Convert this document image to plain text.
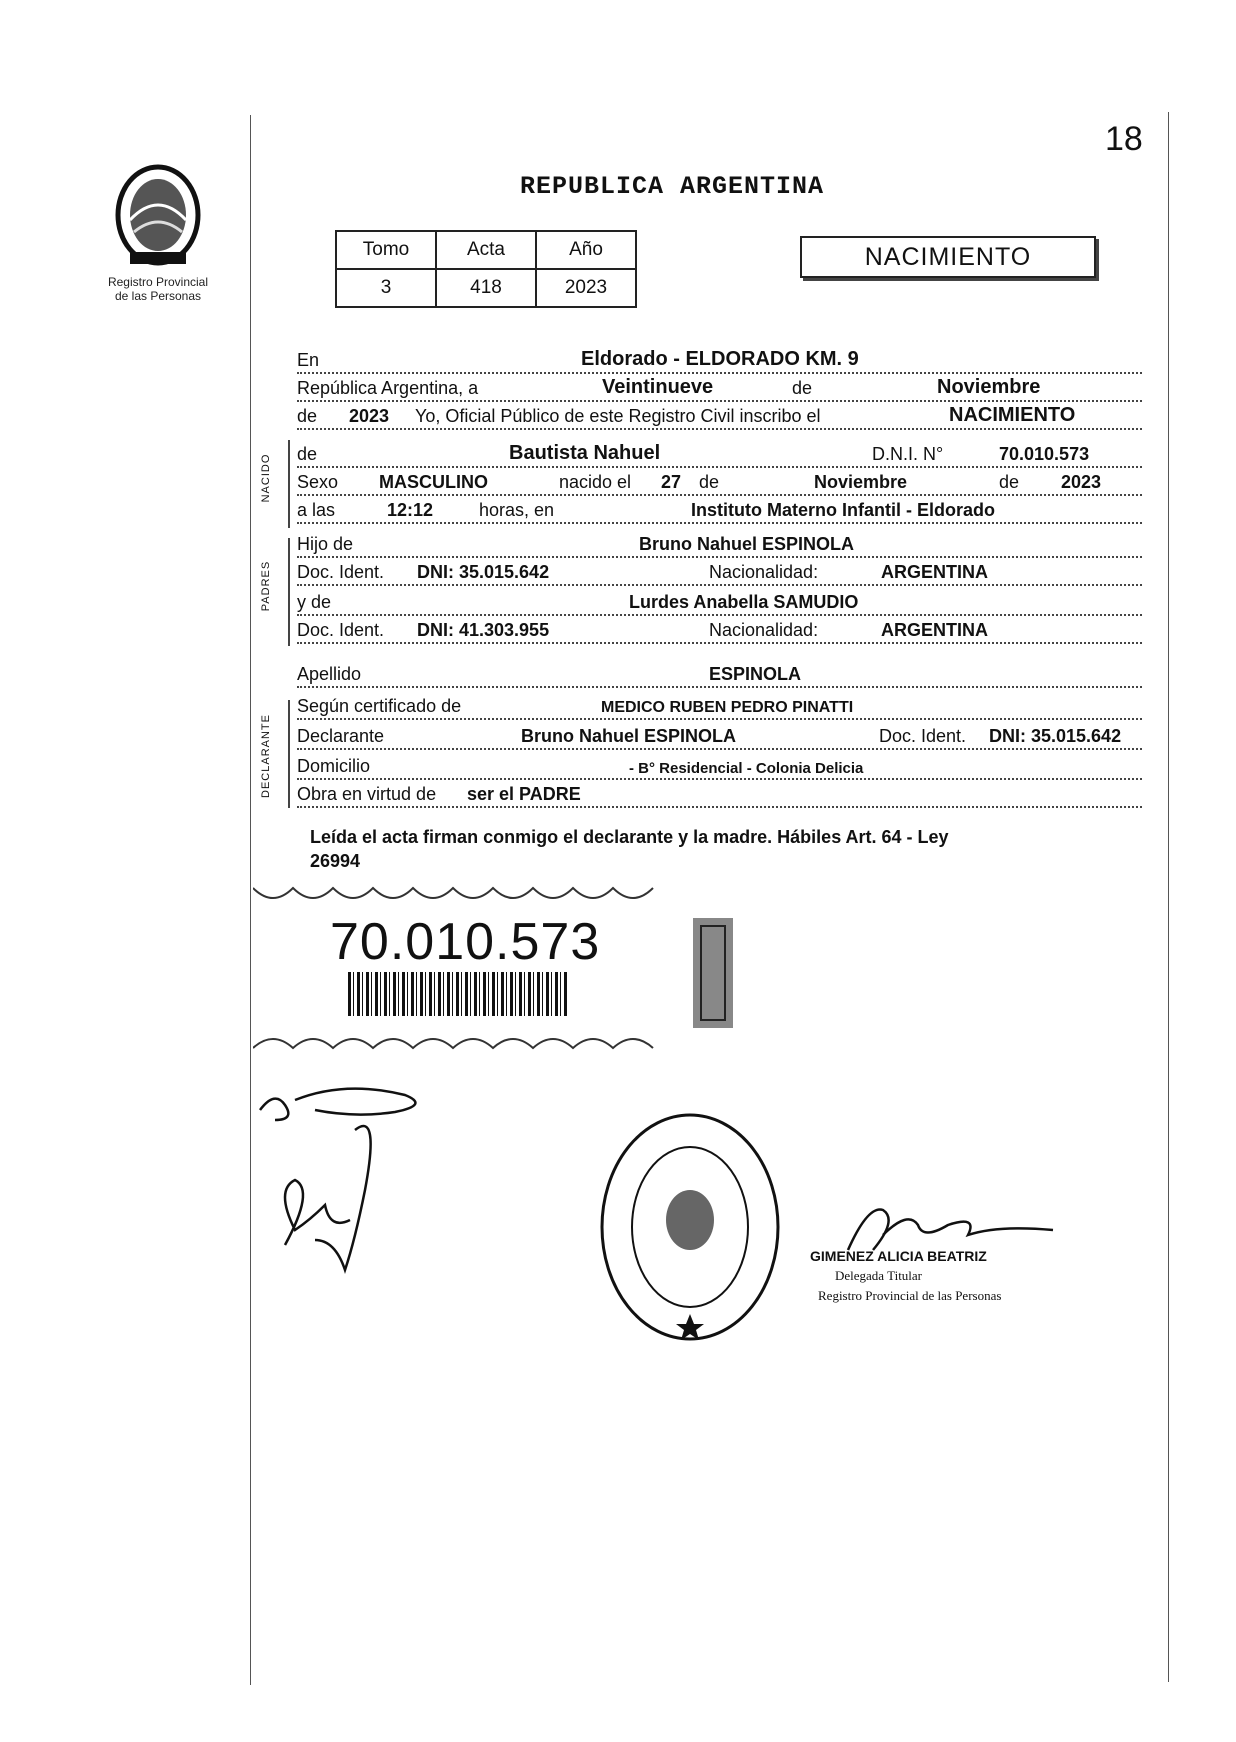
18
Registro Provincial
de las Personas
REPUBLICA ARGENTINA
Tomo	Acta	Año
3	418	2023
NACIMIENTO
En	Eldorado - ELDORADO KM. 9
República Argentina, a	Veintinueve	de	Noviembre
de 2023 Yo, Oficial Público de este Registro Civil inscribo el	NACIMIENTO
NACIDO de	Bautista Nahuel	D.N.I. N°	70.010.573
Sexo MASCULINO	nacido el 27 de	Noviembre	de 2023
a las	12:12	horas, en	Instituto Materno Infantil - Eldorado
PADRES
Hijo de	Bruno Nahuel ESPINOLA
Doc. Ident. DNI: 35.015.642	Nacionalidad:	ARGENTINA
y de	Lurdes Anabella SAMUDIO
Doc. Ident. DNI: 41.303.955	Nacionalidad:	ARGENTINA
Apellido	ESPINOLA
DECLARANTE
Según certificado de	MEDICO RUBEN PEDRO PINATTI
Declarante	Bruno Nahuel ESPINOLA	Doc. Ident. DNI: 35.015.642
Domicilio	- B° Residencial - Colonia Delicia
Obra en virtud de ser el PADRE
Leída el acta firman conmigo el declarante y la madre. Hábiles Art. 64 - Ley
26994
70.010.573
GIMENEZ ALICIA BEATRIZ
Delegada Titular
Registro Provincial de las Personas
